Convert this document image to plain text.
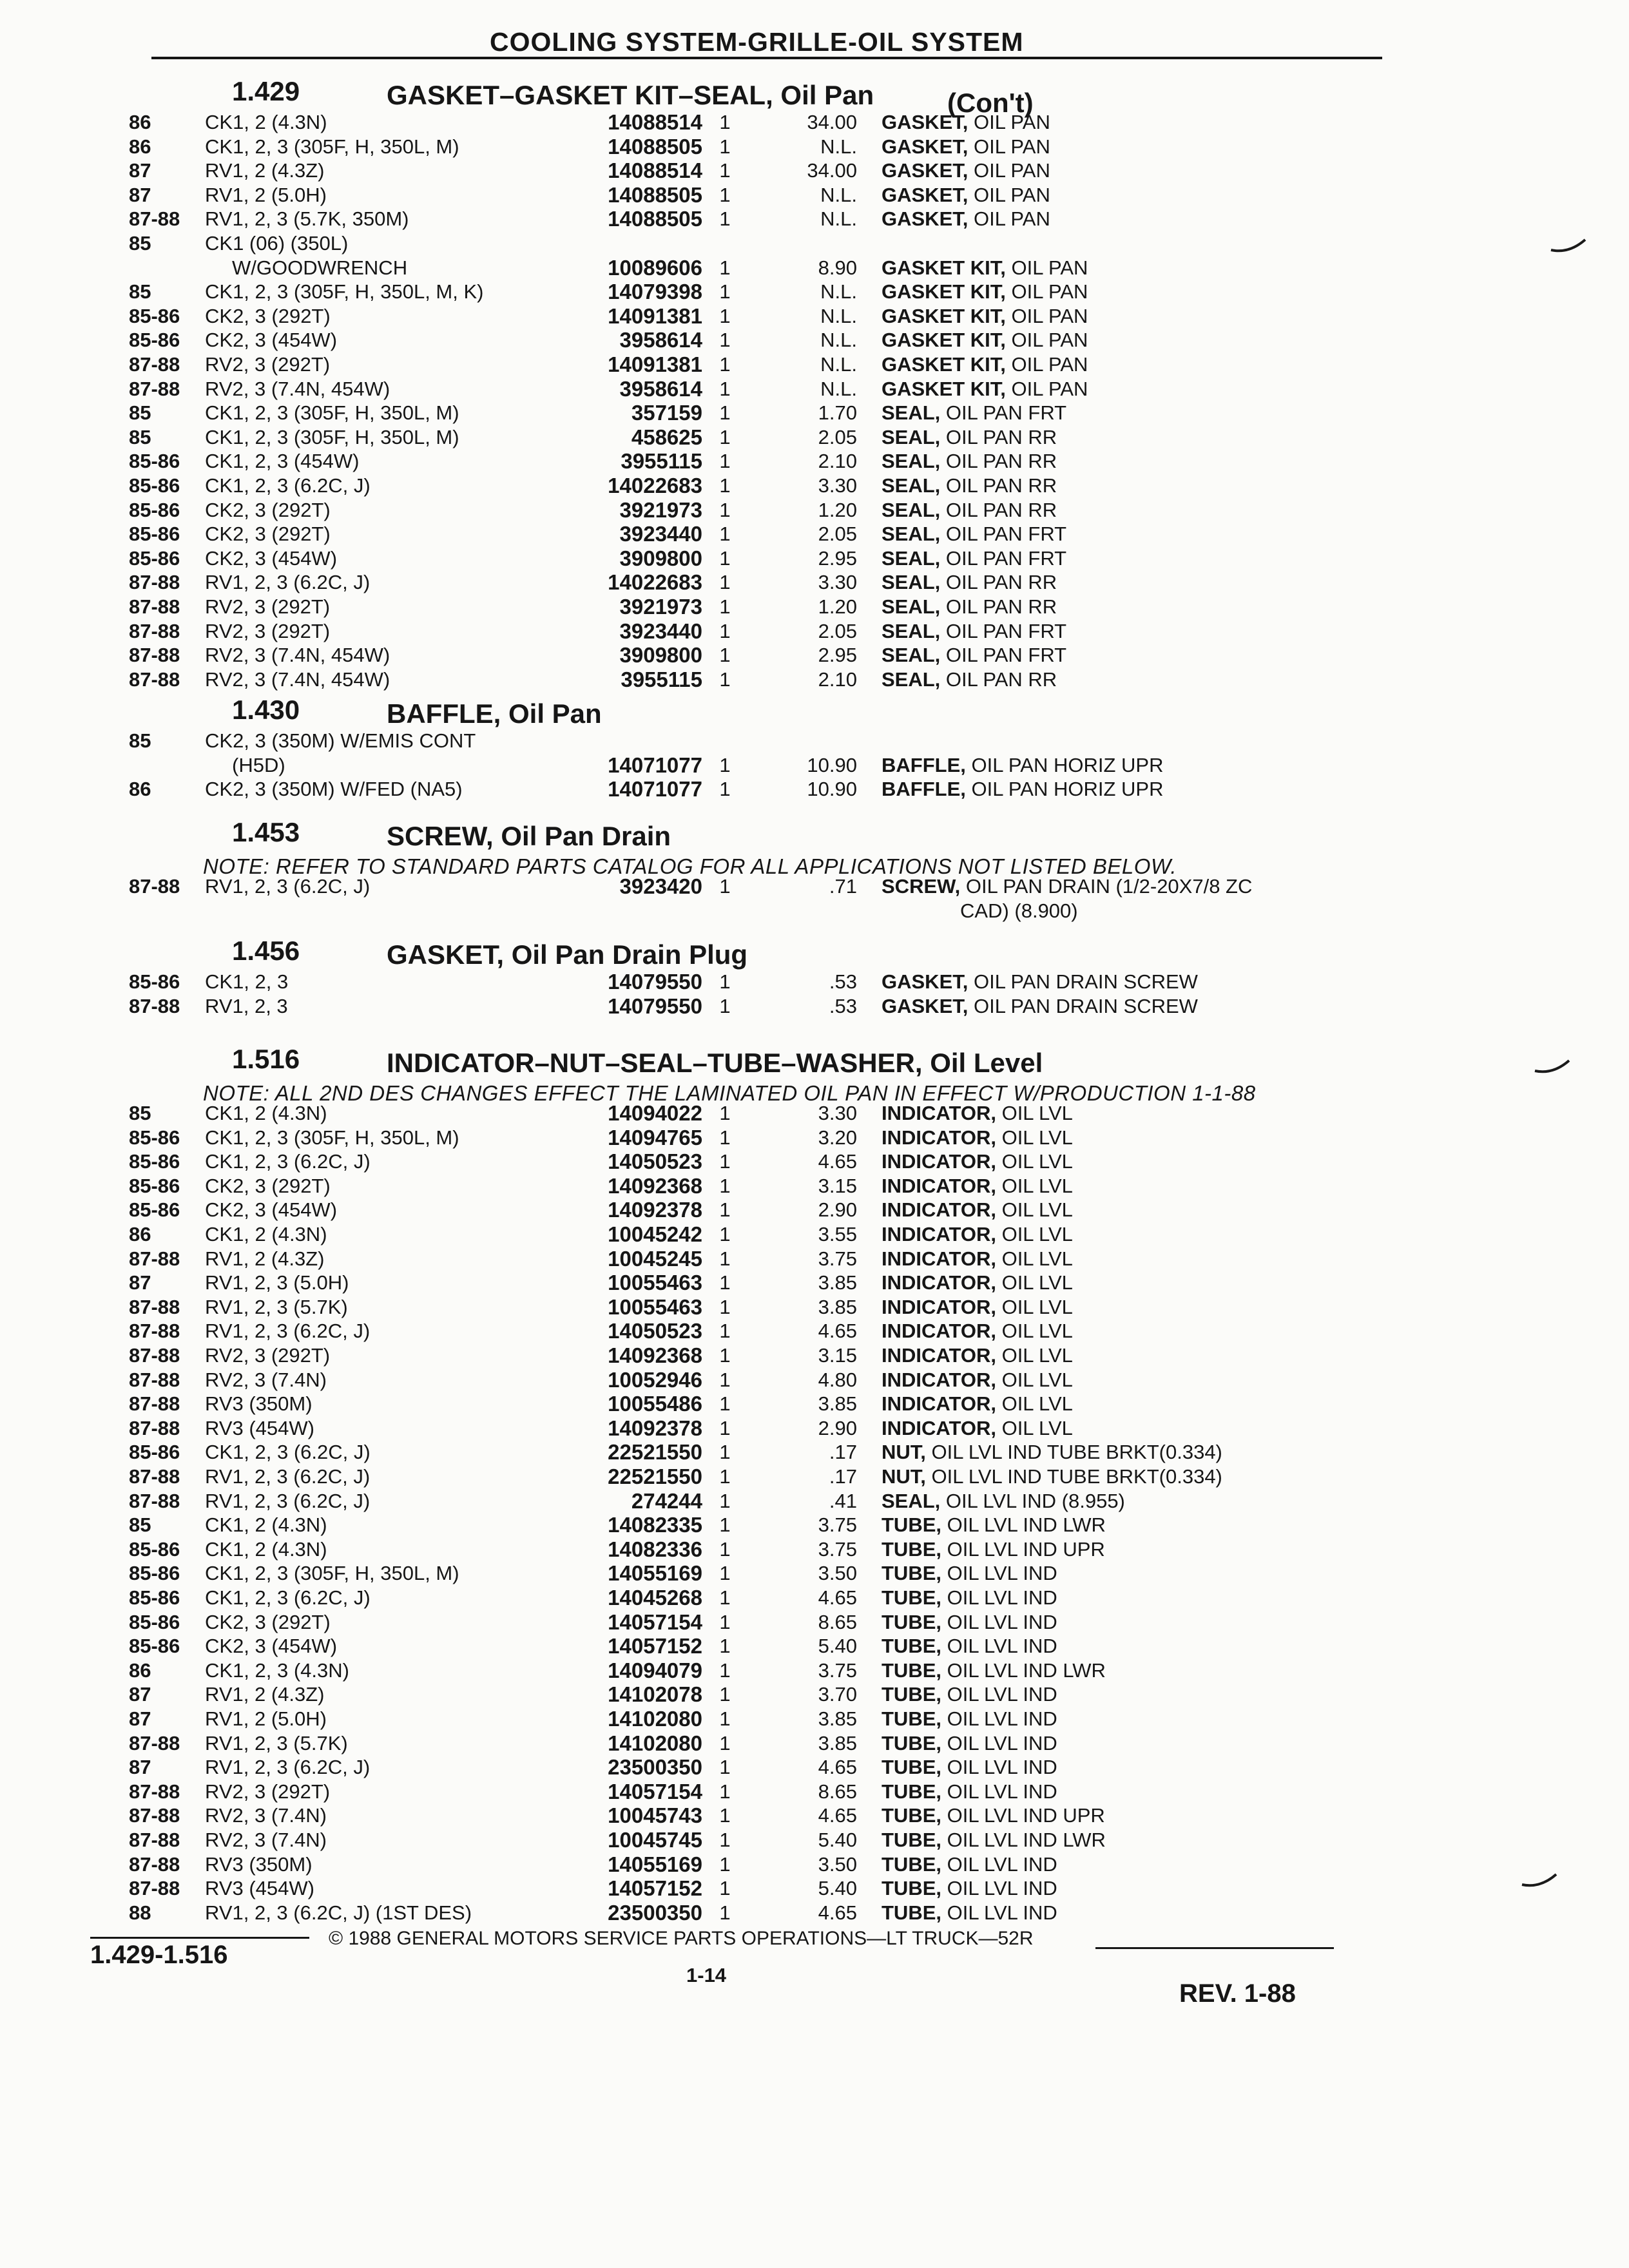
COOLING SYSTEM-GRILLE-OIL SYSTEM
1.429	GASKET–GASKET KIT–SEAL, Oil Pan	(Con't)
86	CK1, 2 (4.3N)	14088514 1	34.00 GASKET, OIL PAN
86	CK1, 2, 3 (305F, H, 350L, M)	14088505 1	N.L. GASKET, OIL PAN
87	RV1, 2 (4.3Z)	14088514 1	34.00 GASKET, OIL PAN
87	RV1, 2 (5.0H)	14088505 1	N.L. GASKET, OIL PAN
87-88	RV1, 2, 3 (5.7K, 350M)	14088505 1	N.L. GASKET, OIL PAN
85	CK1 (06) (350L)
W/GOODWRENCH	10089606 1	8.90 GASKET KIT, OIL PAN
85	CK1, 2, 3 (305F, H, 350L, M, K)	14079398 1	N.L. GASKET KIT, OIL PAN
85-86	CK2, 3 (292T)	14091381 1	N.L. GASKET KIT, OIL PAN
85-86	CK2, 3 (454W)	3958614 1	N.L. GASKET KIT, OIL PAN
87-88	RV2, 3 (292T)	14091381 1	N.L. GASKET KIT, OIL PAN
87-88	RV2, 3 (7.4N, 454W)	3958614 1	N.L. GASKET KIT, OIL PAN
85	CK1, 2, 3 (305F, H, 350L, M)	357159 1	1.70 SEAL, OIL PAN FRT
85	CK1, 2, 3 (305F, H, 350L, M)	458625 1	2.05 SEAL, OIL PAN RR
85-86	CK1, 2, 3 (454W)	3955115 1	2.10 SEAL, OIL PAN RR
85-86	CK1, 2, 3 (6.2C, J)	14022683 1	3.30 SEAL, OIL PAN RR
85-86	CK2, 3 (292T)	3921973 1	1.20 SEAL, OIL PAN RR
85-86	CK2, 3 (292T)	3923440 1	2.05 SEAL, OIL PAN FRT
85-86	CK2, 3 (454W)	3909800 1	2.95 SEAL, OIL PAN FRT
87-88	RV1, 2, 3 (6.2C, J)	14022683 1	3.30 SEAL, OIL PAN RR
87-88	RV2, 3 (292T)	3921973 1	1.20 SEAL, OIL PAN RR
87-88	RV2, 3 (292T)	3923440 1	2.05 SEAL, OIL PAN FRT
87-88	RV2, 3 (7.4N, 454W)	3909800 1	2.95 SEAL, OIL PAN FRT
87-88	RV2, 3 (7.4N, 454W)	3955115 1	2.10 SEAL, OIL PAN RR
1.430	BAFFLE, Oil Pan
85	CK2, 3 (350M) W/EMIS CONT
(H5D)	14071077 1	10.90 BAFFLE, OIL PAN HORIZ UPR
86	CK2, 3 (350M) W/FED (NA5)	14071077 1	10.90 BAFFLE, OIL PAN HORIZ UPR
1.453	SCREW, Oil Pan Drain
NOTE: REFER TO STANDARD PARTS CATALOG FOR ALL APPLICATIONS NOT LISTED BELOW.
87-88	RV1, 2, 3 (6.2C, J)	3923420 1	.71 SCREW, OIL PAN DRAIN (1/2-20X7/8 ZC
CAD) (8.900)
1.456	GASKET, Oil Pan Drain Plug
85-86	CK1, 2, 3	14079550 1	.53 GASKET, OIL PAN DRAIN SCREW
87-88	RV1, 2, 3	14079550 1	.53 GASKET, OIL PAN DRAIN SCREW
1.516	INDICATOR–NUT–SEAL–TUBE–WASHER, Oil Level
NOTE: ALL 2ND DES CHANGES EFFECT THE LAMINATED OIL PAN IN EFFECT W/PRODUCTION 1-1-88
85	CK1, 2 (4.3N)	14094022 1	3.30 INDICATOR, OIL LVL
85-86	CK1, 2, 3 (305F, H, 350L, M)	14094765 1	3.20 INDICATOR, OIL LVL
85-86	CK1, 2, 3 (6.2C, J)	14050523 1	4.65 INDICATOR, OIL LVL
85-86	CK2, 3 (292T)	14092368 1	3.15 INDICATOR, OIL LVL
85-86	CK2, 3 (454W)	14092378 1	2.90 INDICATOR, OIL LVL
86	CK1, 2 (4.3N)	10045242 1	3.55 INDICATOR, OIL LVL
87-88	RV1, 2 (4.3Z)	10045245 1	3.75 INDICATOR, OIL LVL
87	RV1, 2, 3 (5.0H)	10055463 1	3.85 INDICATOR, OIL LVL
87-88	RV1, 2, 3 (5.7K)	10055463 1	3.85 INDICATOR, OIL LVL
87-88	RV1, 2, 3 (6.2C, J)	14050523 1	4.65 INDICATOR, OIL LVL
87-88	RV2, 3 (292T)	14092368 1	3.15 INDICATOR, OIL LVL
87-88	RV2, 3 (7.4N)	10052946 1	4.80 INDICATOR, OIL LVL
87-88	RV3 (350M)	10055486 1	3.85 INDICATOR, OIL LVL
87-88	RV3 (454W)	14092378 1	2.90 INDICATOR, OIL LVL
85-86	CK1, 2, 3 (6.2C, J)	22521550 1	.17 NUT, OIL LVL IND TUBE BRKT(0.334)
87-88	RV1, 2, 3 (6.2C, J)	22521550 1	.17 NUT, OIL LVL IND TUBE BRKT(0.334)
87-88	RV1, 2, 3 (6.2C, J)	274244 1	.41 SEAL, OIL LVL IND (8.955)
85	CK1, 2 (4.3N)	14082335 1	3.75 TUBE, OIL LVL IND LWR
85-86	CK1, 2 (4.3N)	14082336 1	3.75 TUBE, OIL LVL IND UPR
85-86	CK1, 2, 3 (305F, H, 350L, M)	14055169 1	3.50 TUBE, OIL LVL IND
85-86	CK1, 2, 3 (6.2C, J)	14045268 1	4.65 TUBE, OIL LVL IND
85-86	CK2, 3 (292T)	14057154 1	8.65 TUBE, OIL LVL IND
85-86	CK2, 3 (454W)	14057152 1	5.40 TUBE, OIL LVL IND
86	CK1, 2, 3 (4.3N)	14094079 1	3.75 TUBE, OIL LVL IND LWR
87	RV1, 2 (4.3Z)	14102078 1	3.70 TUBE, OIL LVL IND
87	RV1, 2 (5.0H)	14102080 1	3.85 TUBE, OIL LVL IND
87-88	RV1, 2, 3 (5.7K)	14102080 1	3.85 TUBE, OIL LVL IND
87	RV1, 2, 3 (6.2C, J)	23500350 1	4.65 TUBE, OIL LVL IND
87-88	RV2, 3 (292T)	14057154 1	8.65 TUBE, OIL LVL IND
87-88	RV2, 3 (7.4N)	10045743 1	4.65 TUBE, OIL LVL IND UPR
87-88	RV2, 3 (7.4N)	10045745 1	5.40 TUBE, OIL LVL IND LWR
87-88	RV3 (350M)	14055169 1	3.50 TUBE, OIL LVL IND
87-88	RV3 (454W)	14057152 1	5.40 TUBE, OIL LVL IND
88	RV1, 2, 3 (6.2C, J) (1ST DES)	23500350 1	4.65 TUBE, OIL LVL IND
1.429-1.516
© 1988 GENERAL MOTORS SERVICE PARTS OPERATIONS—LT TRUCK—52R
1-14
REV. 1-88
